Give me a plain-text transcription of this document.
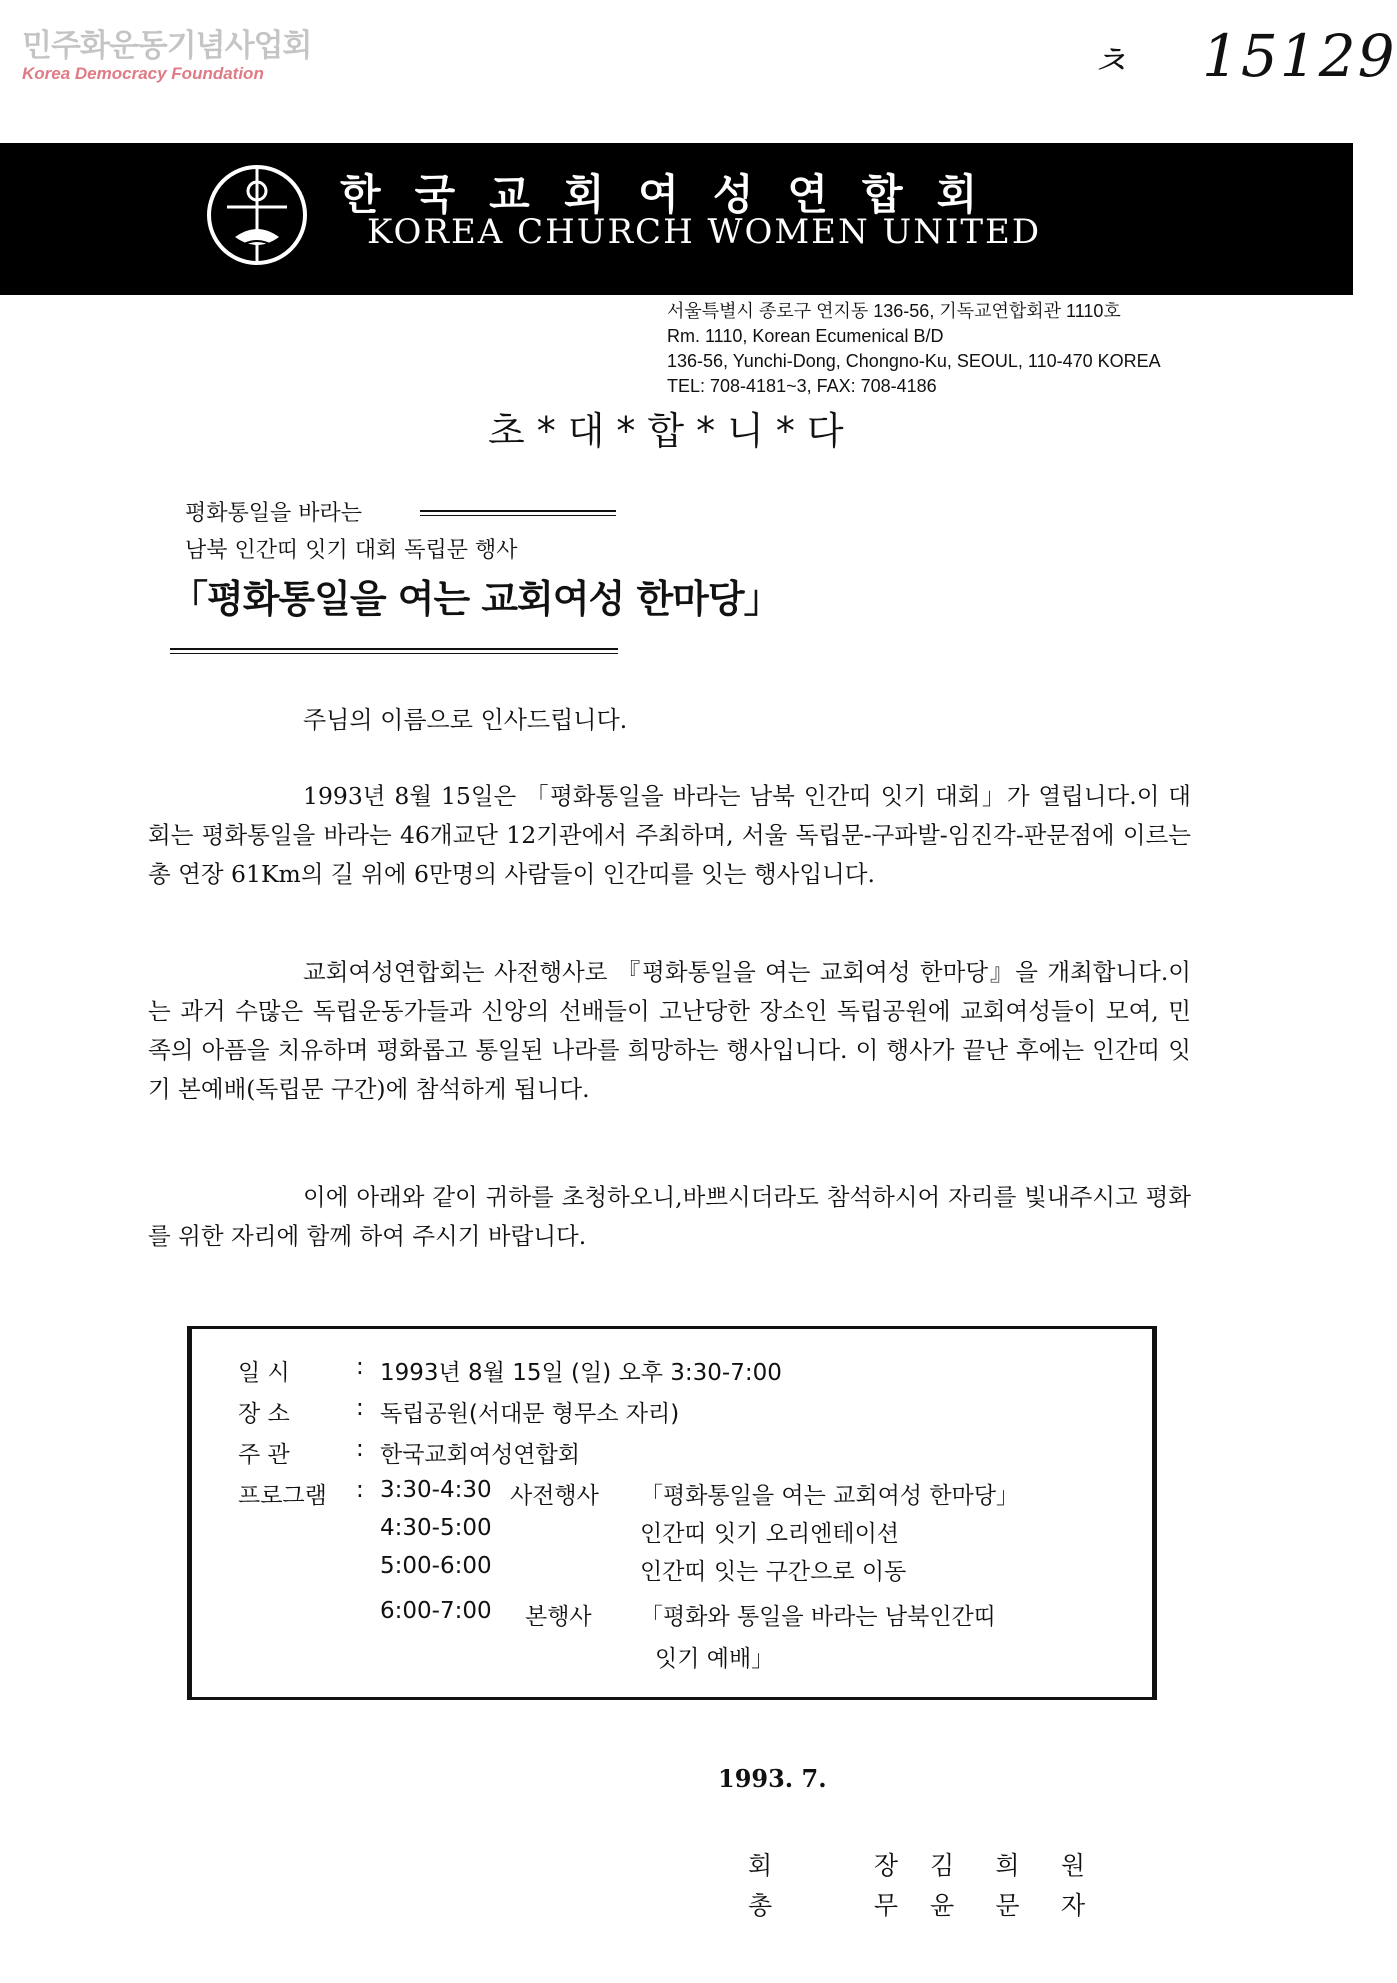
민주화운동기념사업회
Korea Democracy Foundation	ㅊ 15129
한국교회여성연합회
KOREA CHURCH WOMEN UNITED
서울특별시 종로구 연지동 136-56, 기독교연합회관 1110호
Rm. 1110, Korean Ecumenical B/D
136-56, Yunchi-Dong, Chongno-Ku, SEOUL, 110-470 KOREA
TEL: 708-4181~3, FAX: 708-4186
초*대*합*니*다
평화통일을 바라는
남북 인간띠 잇기 대회 독립문 행사
「평화통일을 여는 교회여성 한마당」
주님의 이름으로 인사드립니다.

1993년 8월 15일은 「평화통일을 바라는 남북 인간띠 잇기 대회」가 열립니다.이 대회는 평화통일을 바라는 46개교단 12기관에서 주최하며, 서울 독립문-구파발-임진각-판문점에 이르는 총 연장 61Km의 길 위에 6만명의 사람들이 인간띠를 잇는 행사입니다.

교회여성연합회는 사전행사로 『평화통일을 여는 교회여성 한마당』을 개최합니다.이는 과거 수많은 독립운동가들과 신앙의 선배들이 고난당한 장소인 독립공원에 교회여성들이 모여, 민족의 아픔을 치유하며 평화롭고 통일된 나라를 희망하는 행사입니다. 이 행사가 끝난 후에는 인간띠 잇기 본예배(독립문 구간)에 참석하게 됩니다.

이에 아래와 같이 귀하를 초청하오니,바쁘시더라도 참석하시어 자리를 빛내주시고 평화를 위한 자리에 함께 하여 주시기 바랍니다.

일 시	: 1993년 8월 15일 (일) 오후 3:30-7:00
장 소	: 독립공원(서대문 형무소 자리)
주 관	: 한국교회여성연합회
프로그램 : 3:30-4:30 사전행사 「평화통일을 여는 교회여성 한마당」
4:30-5:00	인간띠 잇기 오리엔테이션
5:00-6:00	인간띠 잇는 구간으로 이동
6:00-7:00 본행사 「평화와 통일을 바라는 남북인간띠
잇기 예배」
1993. 7.
회 장 김 희 원
총 무 윤 문 자
